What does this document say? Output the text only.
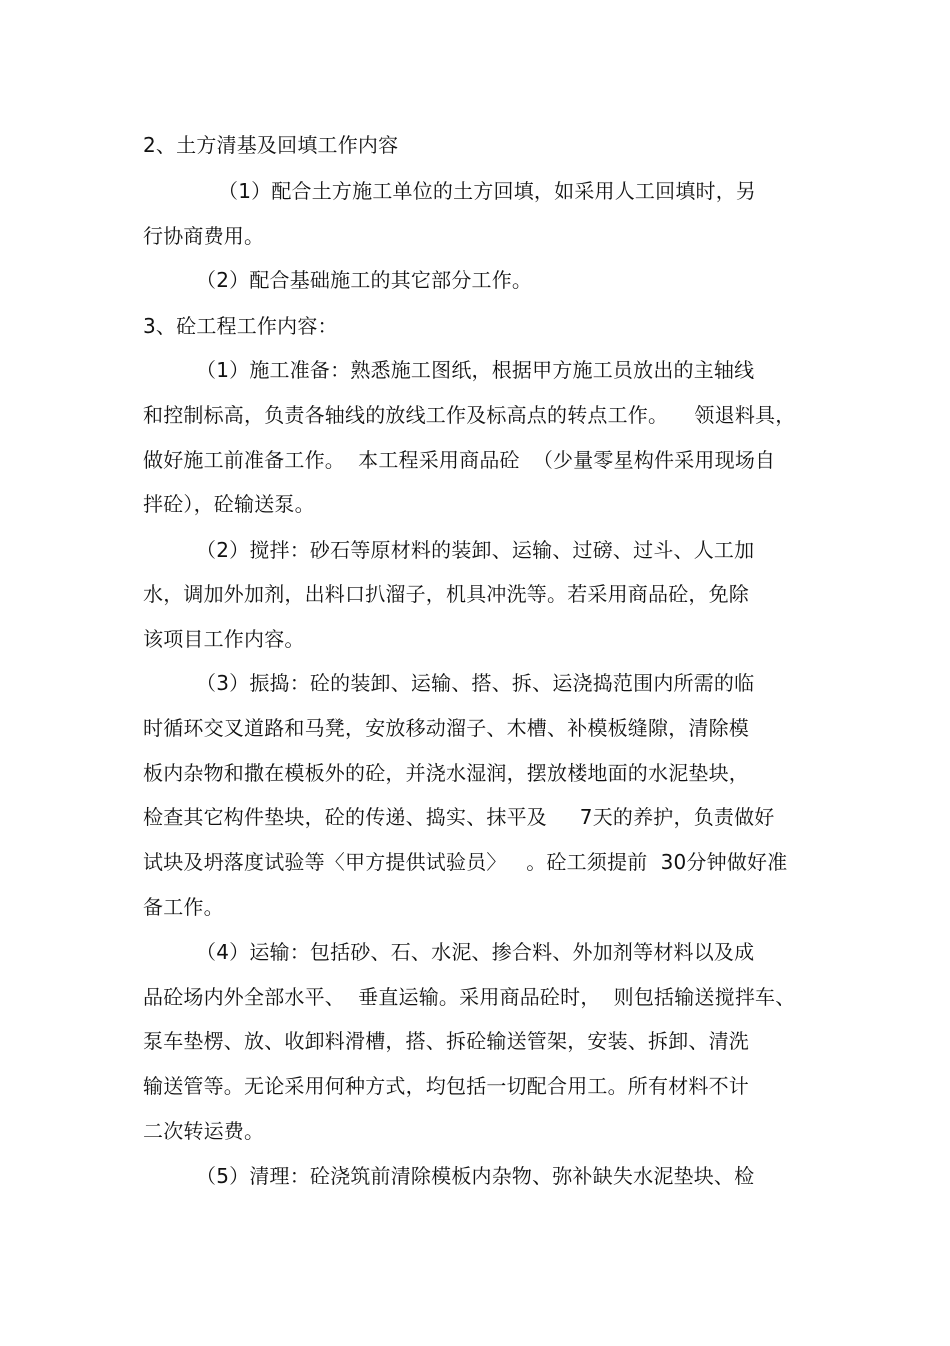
2、土方清基及回填工作内容
（1）配合土方施工单位的土方回填，如采用人工回填时，另
行协商费用。
（2）配合基础施工的其它部分工作。
3、砼工程工作内容：
（1）施工准备：熟悉施工图纸，根据甲方施工员放出的主轴线
和控制标高，负责各轴线的放线工作及标高点的转点工作。    领退料具，
做好施工前准备工作。  本工程采用商品砼  （少量零星构件采用现场自
拌砼），砼输送泵。
（2）搅拌：砂石等原材料的装卸、运输、过磅、过斗、人工加
水，调加外加剂，出料口扒溜子，机具冲洗等。若采用商品砼，免除
该项目工作内容。
（3）振捣：砼的装卸、运输、搭、拆、运浇捣范围内所需的临
时循环交叉道路和马凳，安放移动溜子、木槽、补模板缝隙，清除模
板内杂物和撒在模板外的砼，并浇水湿润，摆放楼地面的水泥垫块，
检查其它构件垫块，砼的传递、捣实、抹平及     7天的养护，负责做好
试块及坍落度试验等〈甲方提供试验员〉   。砼工须提前  30分钟做好准
备工作。
（4）运输：包括砂、石、水泥、掺合料、外加剂等材料以及成
品砼场内外全部水平、  垂直运输。采用商品砼时，  则包括输送搅拌车、
泵车垫楞、放、收卸料滑槽，搭、拆砼输送管架，安装、拆卸、清洗
输送管等。无论采用何种方式，均包括一切配合用工。所有材料不计
二次转运费。
（5）清理：砼浇筑前清除模板内杂物、弥补缺失水泥垫块、检
